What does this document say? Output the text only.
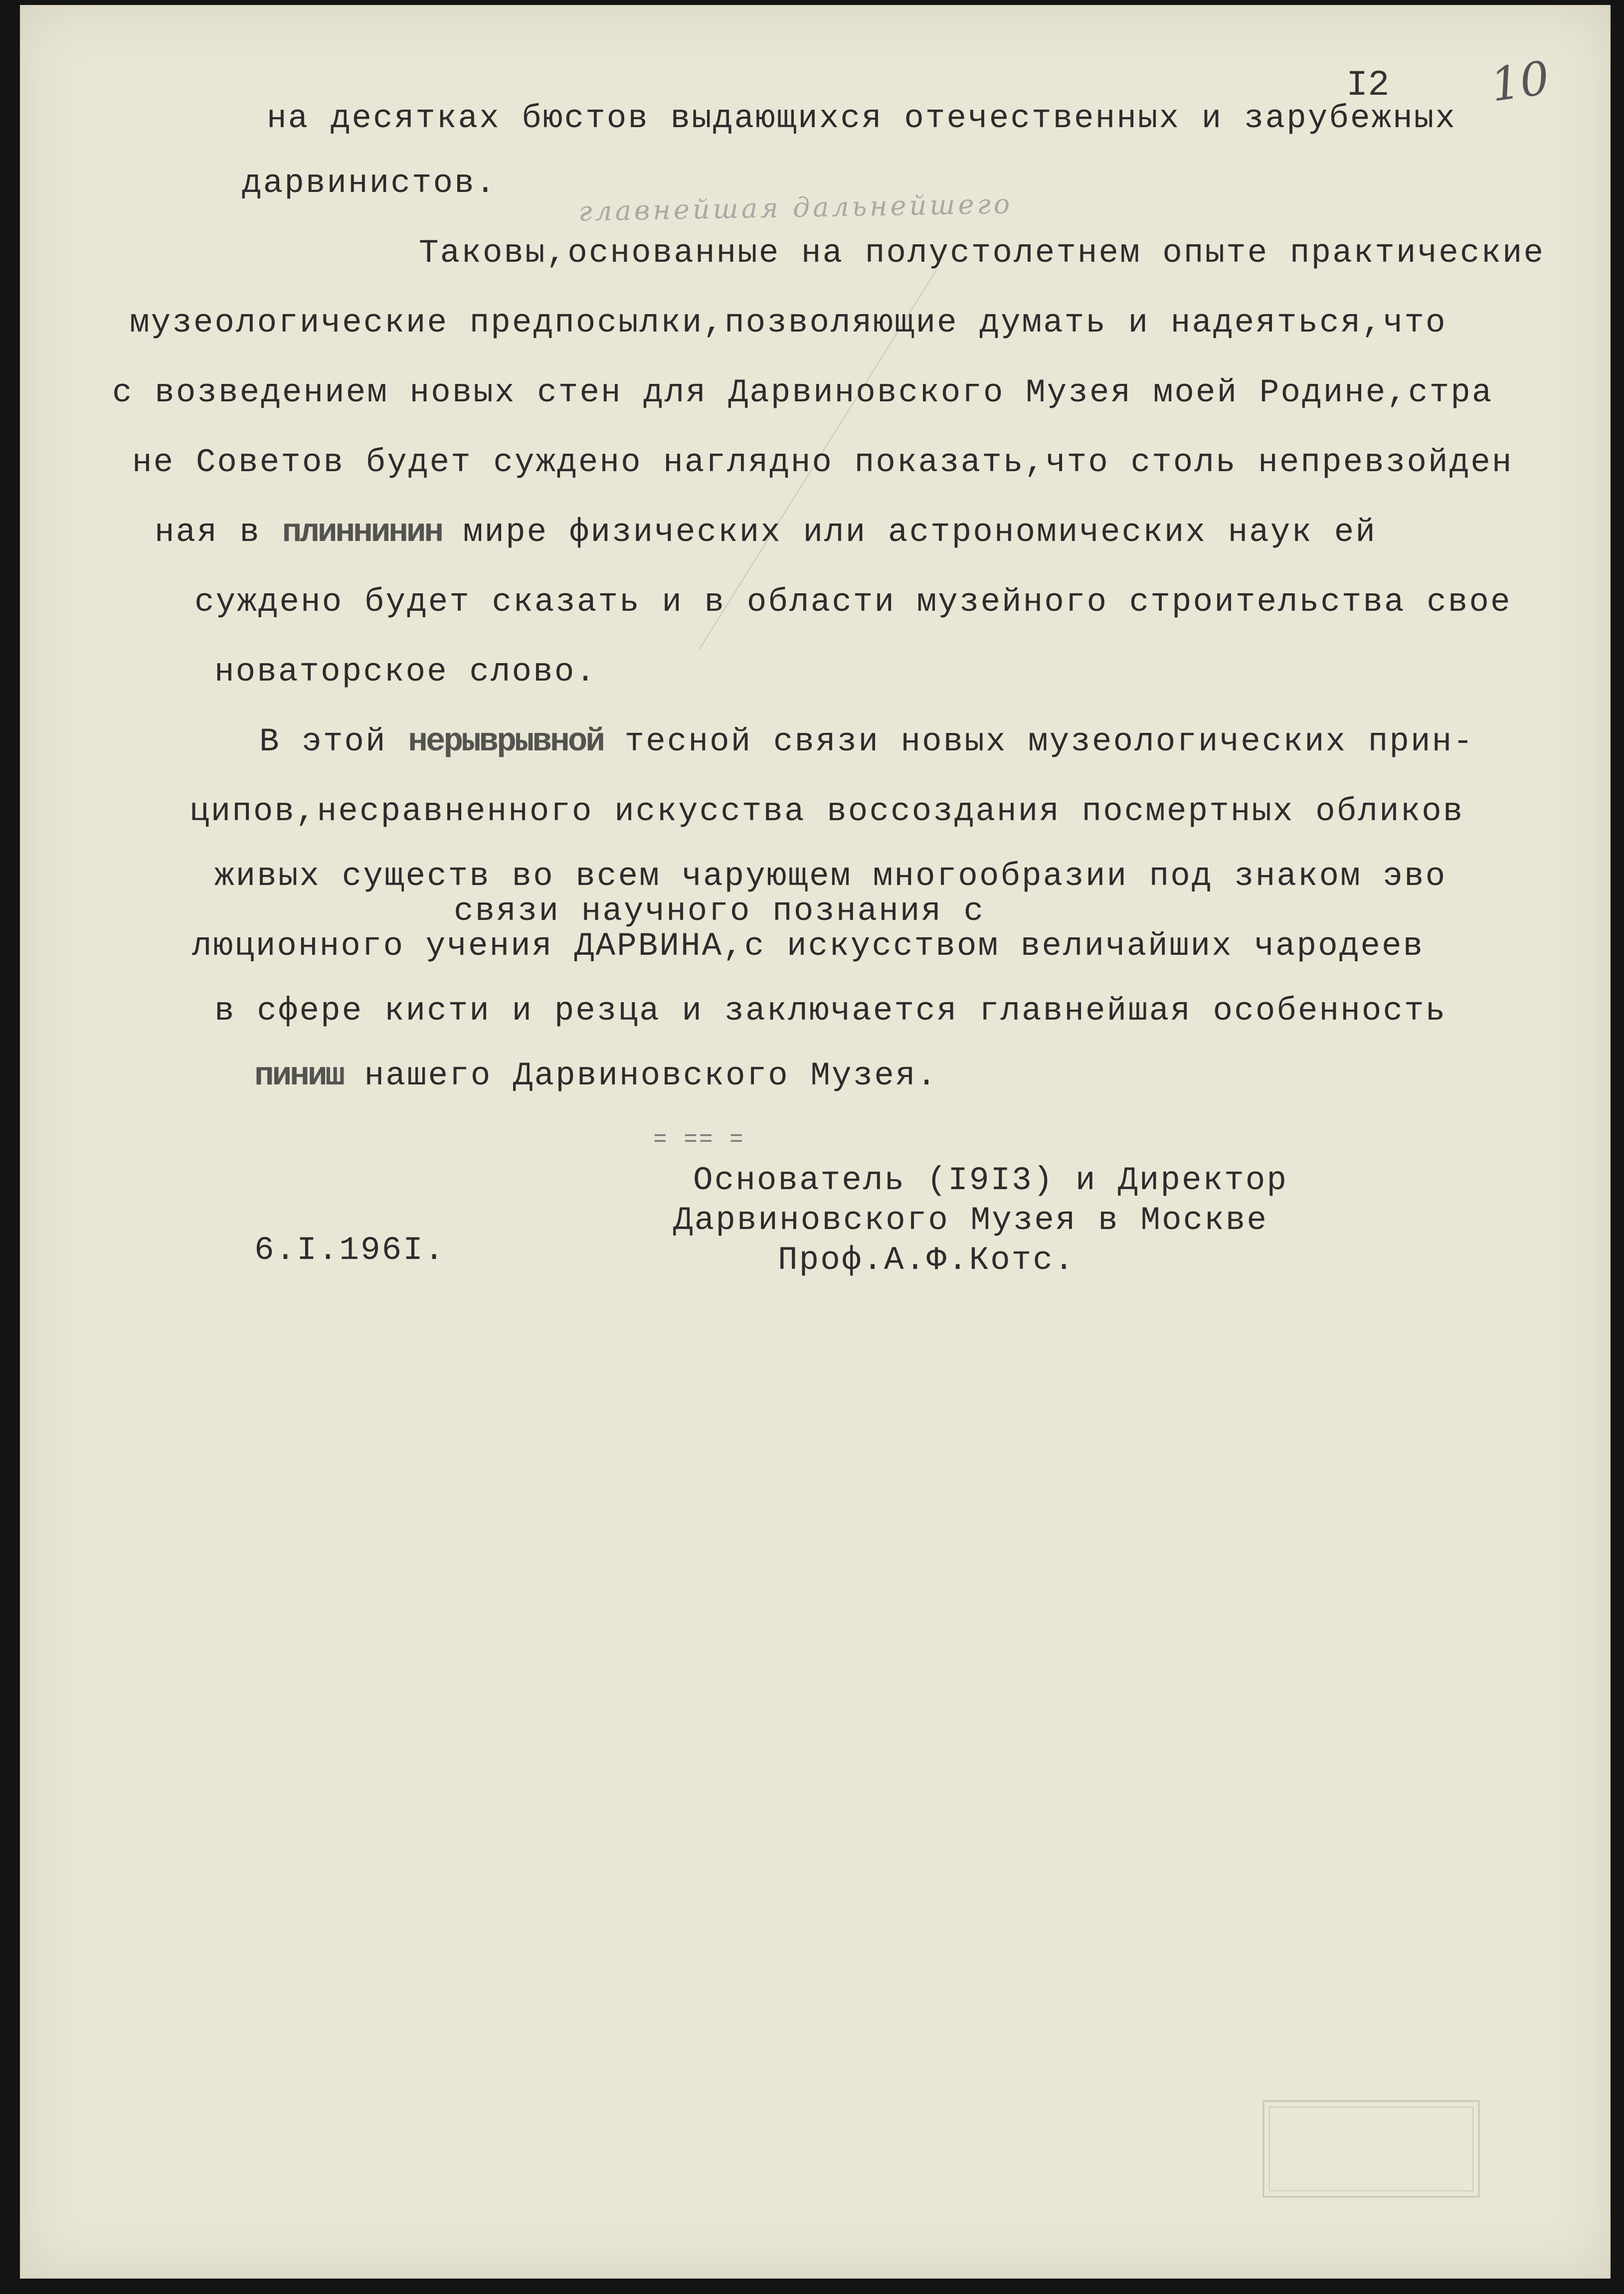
I2 10
главнейшая дальнейшего
на десятках бюстов выдающихся отечественных и зарубежных
дарвинистов.
Таковы,основанные на полустолетнем опыте практические
музеологические предпосылки,позволяющие думать и надеяться,что
с возведением новых стен для Дарвиновского Музея моей Родине,стра
не Советов будет суждено наглядно показать,что столь непревзойден
ная в плиннинин мире физических или астрономических наук ей
суждено будет сказать и в области музейного строительства свое
новаторское слово.
В этой нерыврывной тесной связи новых музеологических прин-
ципов,несравненного искусства воссоздания посмертных обликов
живых существ во всем чарующем многообразии под знаком эво
связи научного познания с
люционного учения ДАРВИНА,с искусством величайших чародеев
в сфере кисти и резца и заключается главнейшая особенность
пиниш нашего Дарвиновского Музея.
= == =
Основатель (I9I3) и Директор
Дарвиновского Музея в Москве
Проф.А.Ф.Котс.
6.I.196I.
